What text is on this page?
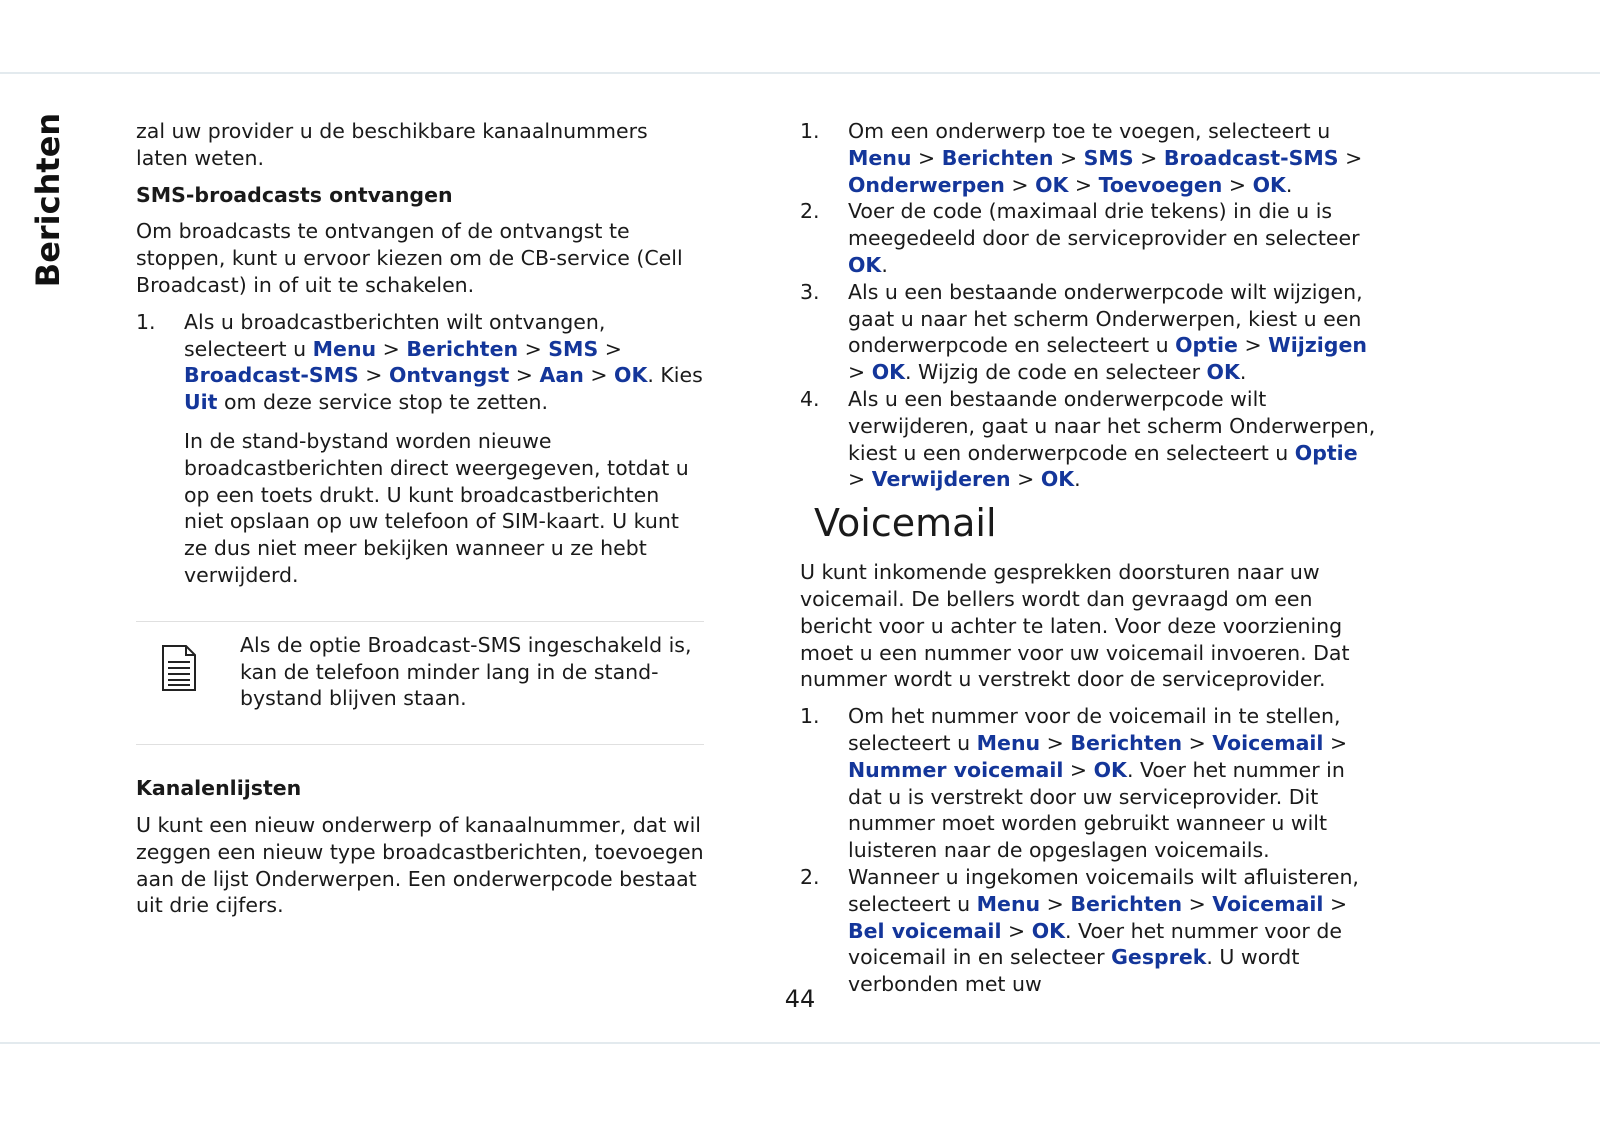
Berichten	zal uw provider u de beschikbare kanaalnummers laten weten.

SMS-broadcasts ontvangen

Om broadcasts te ontvangen of de ontvangst te stoppen, kunt u ervoor kiezen om de CB-service (Cell Broadcast) in of uit te schakelen.

1. Als u broadcastberichten wilt ontvangen, selecteert u Menu > Berichten > SMS > Broadcast-SMS > Ontvangst > Aan > OK. Kies Uit om deze service stop te zetten.

In de stand-bystand worden nieuwe broadcastberichten direct weergegeven, totdat u op een toets drukt. U kunt broadcastberichten niet opslaan op uw telefoon of SIM-kaart. U kunt ze dus niet meer bekijken wanneer u ze hebt verwijderd.

Als de optie Broadcast-SMS ingeschakeld is, kan de telefoon minder lang in de stand-bystand blijven staan.

Kanalenlijsten

U kunt een nieuw onderwerp of kanaalnummer, dat wil zeggen een nieuw type broadcastberichten, toevoegen aan de lijst Onderwerpen. Een onderwerpcode bestaat uit drie cijfers.

1. Om een onderwerp toe te voegen, selecteert u Menu > Berichten > SMS > Broadcast-SMS > Onderwerpen > OK > Toevoegen > OK.
2. Voer de code (maximaal drie tekens) in die u is meegedeeld door de serviceprovider en selecteer OK.
3. Als u een bestaande onderwerpcode wilt wijzigen, gaat u naar het scherm Onderwerpen, kiest u een onderwerpcode en selecteert u Optie > Wijzigen > OK. Wijzig de code en selecteer OK.
4. Als u een bestaande onderwerpcode wilt verwijderen, gaat u naar het scherm Onderwerpen, kiest u een onderwerpcode en selecteert u Optie > Verwijderen > OK.
Voicemail

U kunt inkomende gesprekken doorsturen naar uw voicemail. De bellers wordt dan gevraagd om een bericht voor u achter te laten. Voor deze voorziening moet u een nummer voor uw voicemail invoeren. Dat nummer wordt u verstrekt door de serviceprovider.

1. Om het nummer voor de voicemail in te stellen, selecteert u Menu > Berichten > Voicemail > Nummer voicemail > OK. Voer het nummer in dat u is verstrekt door uw serviceprovider. Dit nummer moet worden gebruikt wanneer u wilt luisteren naar de opgeslagen voicemails.
2. Wanneer u ingekomen voicemails wilt afluisteren, selecteert u Menu > Berichten > Voicemail > Bel voicemail > OK. Voer het nummer voor de voicemail in en selecteer Gesprek. U wordt verbonden met uw
44
